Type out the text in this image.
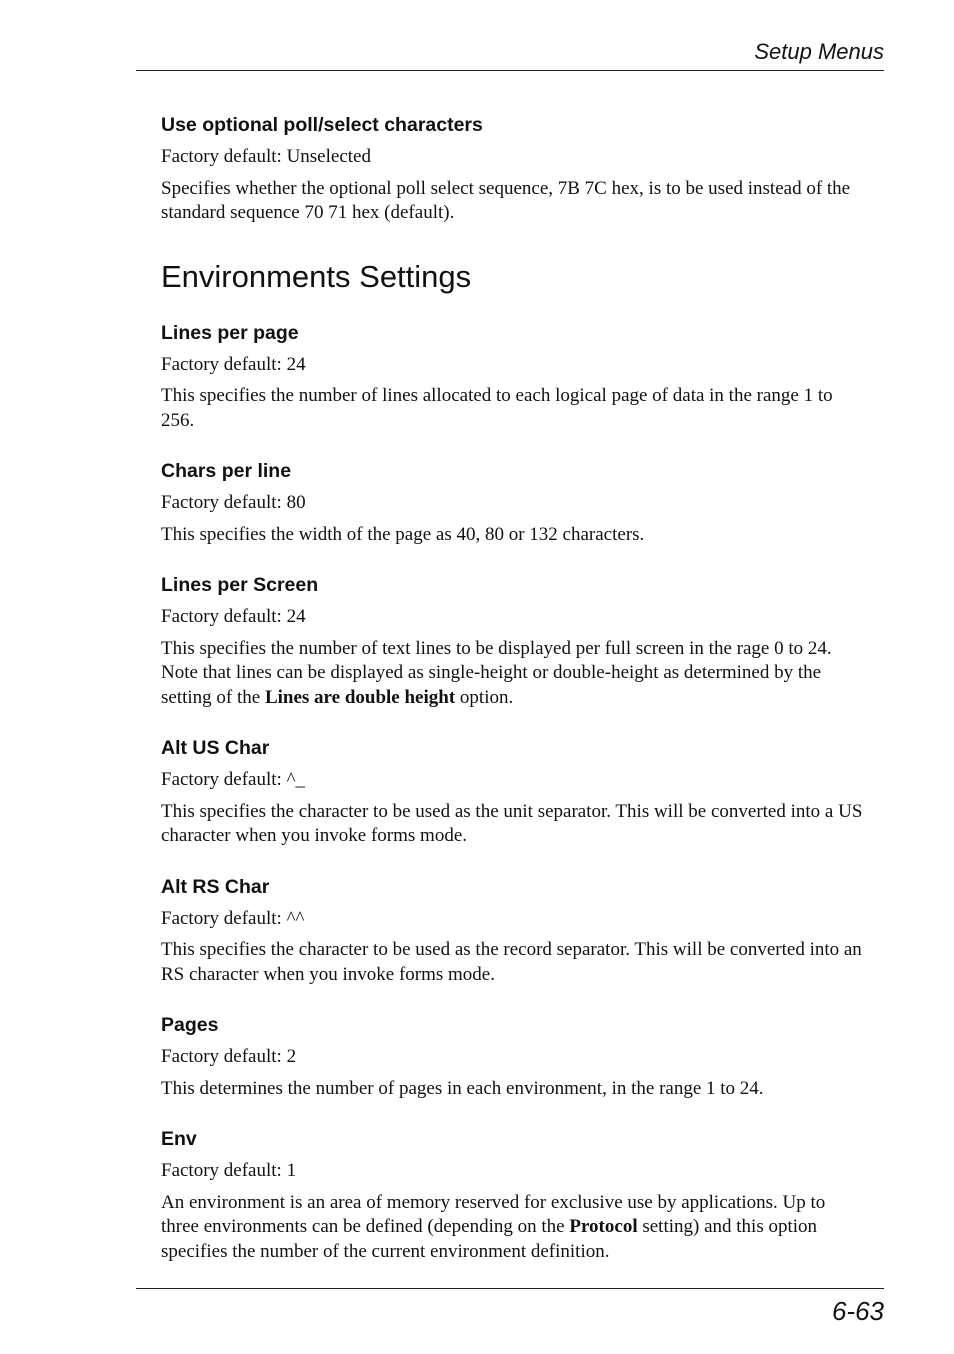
Setup Menus
Use optional poll/select characters

Factory default: Unselected

Specifies whether the optional poll select sequence, 7B 7C hex, is to be used instead of the standard sequence 70 71 hex (default).

Environments Settings
Lines per page

Factory default: 24

This specifies the number of lines allocated to each logical page of data in the range 1 to 256.

Chars per line

Factory default: 80

This specifies the width of the page as 40, 80 or 132 characters.

Lines per Screen

Factory default: 24

This specifies the number of text lines to be displayed per full screen in the rage 0 to 24. Note that lines can be displayed as single-height or double-height as determined by the setting of the Lines are double height option.

Alt US Char

Factory default: ^_

This specifies the character to be used as the unit separator. This will be converted into a US character when you invoke forms mode.

Alt RS Char

Factory default: ^^

This specifies the character to be used as the record separator. This will be converted into an RS character when you invoke forms mode.

Pages

Factory default: 2

This determines the number of pages in each environment, in the range 1 to 24.

Env

Factory default: 1

An environment is an area of memory reserved for exclusive use by applications. Up to three environments can be defined (depending on the Protocol setting) and this option specifies the number of the current environment definition.

6-63
